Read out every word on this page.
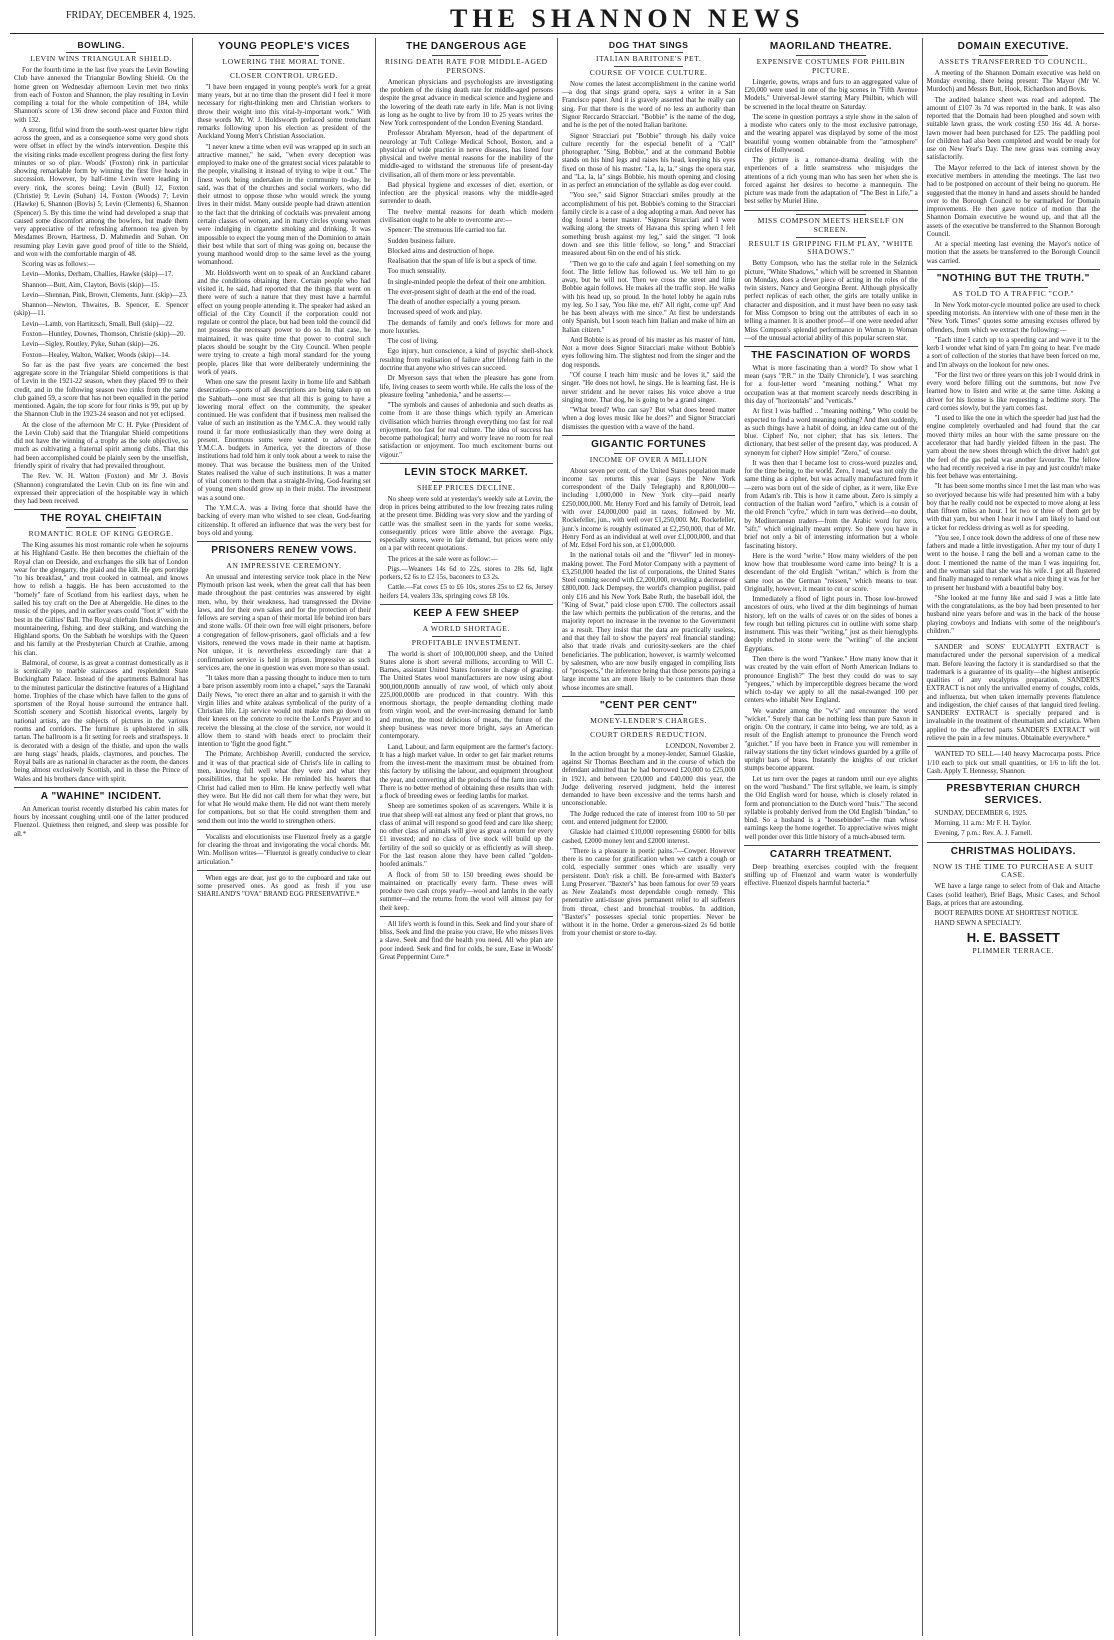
FRIDAY, DECEMBER 4, 1925.	THE SHANNON NEWS
BOWLING.
LEVIN WINS TRIANGULAR SHIELD.

For the fourth time in the last five years the Levin Bowling Club have annexed the Triangular Bowling Shield. On the home green on Wednesday afternoon Levin met two rinks from each of Foxton and Shannon, the play resulting in Levin compiling a total for the whole competition of 184, while Shannon's score of 136 drew second place and Foxton third with 132.

A strong, fitful wind from the south-west quarter blew right across the green, and as a consequence some very good shots were offset in effect by the wind's intervention. Despite this the visiting rinks made excellent progress during the first forty minutes or so of play. Woods' (Foxton) rink in particular showing remarkable form by winning the first five heads in succession. However, by half-time Levin were leading in every rink, the scores being: Levin (Bull) 12, Foxton (Christie) 9; Levin (Suhan) 14, Foxton (Woods) 7; Levin (Hawke) 6, Shannon (Bovis) 5; Levin (Clements) 6, Shannon (Spencer) 5. By this time the wind had developed a snap that caused some discomfort among the bowlers, but made them very appreciative of the refreshing afternoon tea given by Mesdames Brown, Hartness, D. Mahmedin and Suhan. On resuming play Levin gave good proof of title to the Shield, and won with the comfortable margin of 48.

Scoring was as follows:—

Levin—Monks, Derham, Challies, Hawke (skip)—17.

Shannon—Butt, Aim, Clayton, Bovis (skip)—15.

Levin—Shennan, Pink, Brown, Clements, Junr. (skip)—23.

Shannon—Newton, Thwaites, B. Spencer, E. Spencer (skip)—11.

Levin—Lamb, von Hartitzsch, Small, Bull (skip)—22.

Foxton—Huntley, Downes, Thomson, Christie (skip)—20.

Levin—Sigley, Routley, Pyke, Suhan (skip)—26.

Foxton—Healey, Walton, Walker, Woods (skip)—14.

So far as the past five years are concerned the best aggregate score in the Triangular Shield competitions is that of Levin in the 1921-22 season, when they placed 99 to their credit, and in the following season two rinks from the same club gained 59, a score that has not been equalled in the period mentioned. Again, the top score for four rinks is 99, put up by the Shannon Club in the 1923-24 season and not yet eclipsed.

At the close of the afternoon Mr C. H. Pyke (President of the Levin Club) said that the Triangular Shield competitions did not have the winning of a trophy as the sole objective, so much as cultivating a fraternal spirit among clubs. That this had been accomplished could be plainly seen by the unselfish, friendly spirit of rivalry that had prevailed throughout.

The Rev. W. H. Walton (Foxton) and Mr J. Bovis (Shannon) congratulated the Levin Club on its fine win and expressed their appreciation of the hospitable way in which they had been received.

THE ROYAL CHEIFTAIN
ROMANTIC ROLE OF KING GEORGE.

The King assumes his most romantic role when he sojourns at his Highland Castle. He then becomes the chieftain of the Royal clan on Deeside, and exchanges the silk hat of London wear for the glengarry, the plaid and the kilt. He gets porridge "to his breakfast," and trout cooked in oatmeal, and knows how to relish a haggis. He has been accustomed to the "homely" fare of Scotland from his earliest days, when he sailed his toy craft on the Dee at Abergeldie. He dines to the music of the pipes, and in earlier years could "foot it" with the best in the Gillies' Ball. The Royal chieftain finds diversion in mountaineering, fishing, and deer stalking, and watching the Highland sports. On the Sabbath he worships with the Queen and his family at the Presbyterian Church at Crathie, among his clan.

Balmoral, of course, is as great a contrast domestically as it is scenically to marble staircases and resplendent State Buckingham Palace. Instead of the apartments Balmoral has to the minutest particular the distinctive features of a Highland home. Trophies of the chase which have fallen to the guns of sportsmen of the Royal house surround the entrance hall. Scottish scenery and Scottish historical events, largely by national artists, are the subjects of pictures in the various rooms and corridors. The furniture is upholstered in silk tartan. The ballroom is a fit setting for reels and strathspeys. It is decorated with a design of the thistle, and upon the walls are hung stags' heads, plaids, claymores, and pouches. The Royal balls are as national in character as the room, the dances being almost exclusively Scottish, and in these the Prince of Wales and his brothers dance with spirit.

A "WAHINE" INCIDENT.

An American tourist recently disturbed his cabin mates for hours by incessant coughing until one of the latter produced Fluenzol. Quietness then reigned, and sleep was possible for all.*

YOUNG PEOPLE'S VICES
LOWERING THE MORAL TONE.
CLOSER CONTROL URGED.

"I have been engaged in young people's work for a great many years, but at no time than the present did I feel it more necessary for right-thinking men and Christian workers to throw their weight into this vital-ly-important work." With these words Mr. W. J. Holdsworth prefaced some trenchant remarks following upon his election as president of the Auckland Young Men's Christian Association.

"I never knew a time when evil was wrapped up in such an attractive manner," he said, "when every deception was employed to make one of the greatest social vices palatable to the people, vitalising it instead of trying to wipe it out." The finest work being undertaken in the community to-day, he said, was that of the churches and social workers, who did their utmost to oppose those who would wreck the young lives in their midst. Many outside people had drawn attention to the fact that the drinking of cocktails was prevalent among certain classes of women, and in many circles young women were indulging in cigarette smoking and drinking. It was impossible to expect the young men of the Dominion to attain their best while that sort of thing was going on, because the young manhood would drop to the same level as the young womanhood.

Mr. Holdsworth went on to speak of an Auckland cabaret and the conditions obtaining there. Certain people who had visited it, he said, had reported that the things that went on there were of such a nature that they must have a harmful effect on young people attending it. The speaker had asked an official of the City Council if the corporation could not regulate or control the place, but had been told the council did not possess the necessary power to do so. In that case, he maintained, it was quite time that power to control such places should be sought by the City Council. When people were trying to create a high moral standard for the young people, places like that were deliberately undermining the work of years.

When one saw the present laxity in home life and Sabbath desecration—sports of all descriptions are being taken up on the Sabbath—one must see that all this is going to have a lowering moral effect on the community, the speaker continued. He was confident that if business men realised the value of such an institution as the Y.M.C.A. they would rally round it far more enthusiastically than they were doing at present. Enormous sums were wanted to advance the Y.M.C.A. budgets in America, yet the directors of those institutions had told him it only took about a week to raise the money. That was because the business men of the United States realised the value of such institutions. It was a matter of vital concern to them that a straight-living, God-fearing set of young men should grow up in their midst. The investment was a sound one.

The Y.M.C.A. was a living force that should have the backing of every man who wished to see clean, God-fearing citizenship. It offered an influence that was the very best for boys old and young.

PRISONERS RENEW VOWS.
AN IMPRESSIVE CEREMONY.

An unusual and interesting service took place in the New Plymouth prison last week, when the great call that has been made throughout the past centuries was answered by eight men, who, by their weakness, had transgressed the Divine laws, and for their own sakes and for the protection of their fellows are serving a span of their mortal life behind iron bars and stone walls. Of their own free will eight prisoners, before a congregation of fellow-prisoners, gaol officials and a few visitors, renewed the vows made in their name at baptism. Not unique, it is nevertheless exceedingly rare that a confirmation service is held in prison. Impressive as such services are, the one in question was even more so than usual.

"It takes more than a passing thought to induce men to turn a bare prison assembly room into a chapel," says the Taranaki Daily News, "to erect there an altar and to garnish it with the virgin lilies and white azaleas symbolical of the purity of a Christian life. Lip service would not make men go down on their knees on the concrete to recite the Lord's Prayer and to receive the blessing at the close of the service, nor would it allow them to stand with heads erect to proclaim their intention to 'fight the good fight.'"

The Primate, Archbishop Averill, conducted the service, and it was of that practical side of Christ's life in calling to men, knowing full well what they were and what they possibilities, that he spoke. He reminded his hearers that Christ had called men to Him. He knew perfectly well what they were. But He did not call them for what they were, but for what He would make them. He did not want them merely for companions, but so that He could strengthen them and send them out into the world to strengthen others.

Vocalists and elocutionists use Fluenzol freely as a gargle for clearing the throat and invigorating the vocal chords. Mr. Wm. Mollison writes—"Fluenzol is greatly conducive to clear articulation."

When eggs are dear, just go to the cupboard and take out some preserved ones. As good as fresh if you use SHARLAND'S "OVA" BRAND EGG PRESERVATIVE.*

THE DANGEROUS AGE
RISING DEATH RATE FOR MIDDLE-AGED PERSONS.

American physicians and psychologists are investigating the problem of the rising death rate for middle-aged persons despite the great advance in medical science and hygiene and the lowering of the death rate early in life. Man is not living as long as he ought to live by from 10 to 25 years writes the New York correspondent of the London Evening Standard.

Professor Abraham Myerson, head of the department of neurology at Tuft College Medical School, Boston, and a physician of wide practice in nerve diseases, has listed four physical and twelve mental reasons for the inability of the middle-aged to withstand the strenuous life of present-day civilisation, all of them more or less preventable.

Bad physical hygiene and excesses of diet, exertion, or infection are the physical reasons why the middle-aged surrender to death.

The twelve mental reasons for death which modern civilisation ought to be able to overcome are:—

Spencer: The strenuous life carried too far.

Sudden business failure.

Blocked aims and destruction of hope.

Realisation that the span of life is but a speck of time.

Too much sensuality.

In single-minded people the defeat of their one ambition.

The ever-present sight of death at the end of the road.

The death of another especially a young person.

Increased speed of work and play.

The demands of family and one's fellows for more and more luxuries.

The cost of living.

Ego injury, hurt conscience, a kind of psychic shell-shock resulting from realisation of failure after lifelong faith in the doctrine that anyone who strives can succeed.

Dr Myerson says that when the pleasure has gone from life, living ceases to seem worth while. He calls the loss of the pleasure feeling "anhedonia," and he asserts:—

"The symbols and causes of anhedonia and such deaths as come from it are those things which typify an American civilisation which hurries through everything too fast for real enjoyment, too fast for real culture. The idea of success has become pathological; hurry and worry leave no room for real satisfaction or enjoyment. Too much excitement burns out vigour."

LEVIN STOCK MARKET.
SHEEP PRICES DECLINE.

No sheep were sold at yesterday's weekly sale at Levin, the drop in prices being attributed to the low freezing rates ruling at the present time. Bidding was very slow and the yarding of cattle was the smallest seen in the yards for some weeks, consequently prices were little above the average. Pigs, especially stores, were in fair demand, but prices were only on a par with recent quotations.

The prices at the sale were as follow:—

Pigs.—Weaners 14s 6d to 22s, stores to 28s 6d, light porkers, £2 6s to £2 15s, baconers to £3 2s.

Cattle.—Fat cows £5 to £6 10s, stores 25s to £2 6s, Jersey heifers £4, vealers 33s, springing cows £8 10s.

KEEP A FEW SHEEP
A WORLD SHORTAGE.
PROFITABLE INVESTMENT.

The world is short of 100,000,000 sheep, and the United States alone is short several millions, according to Will C. Barnes, assistant United States forester in charge of grazing. The United States wool manufacturers are now using about 900,000,000lb annually of raw wool, of which only about 225,000,000lb are produced in that country. With this enormous shortage, the people demanding clothing made from virgin wool, and the ever-increasing demand for lamb and mutton, the most delicious of meats, the future of the sheep business was never more bright, says an American contemporary.

Land, Labour, and farm equipment are the farmer's factory. It has a high market value. In order to get fair market returns from the invest-ment the maximum must be obtained from this factory by utilising the labour, and equipment throughout the year, and converting all the products of the farm into cash. There is no better method of obtaining these results than with a flock of breeding ewes or feeding lambs for market.

Sheep are sometimes spoken of as scavengers. While it is true that sheep will eat almost any feed or plant that grows, no class of animal will respond so good feed and care like sheep; no other class of animals will give as great a return for every £1 invested; and no class of live stock will build up the fertility of the soil so quickly or as efficiently as will sheep. For the last reason alone they have been called "golden-hoofed animals."

A flock of from 50 to 150 breeding ewes should be maintained on practically every farm. These ewes will produce two cash crops yearly—wool and lambs in the early summer—and the returns from the wool will almost pay for their keep.

All life's worth is found in this. Seek and find your share of bliss, Seek and find the praise you crave, He who misses lives a slave. Seek and find the health you need, All who plan are poor indeed. Seek and find for colds, be sure, Ease in Woods' Great Peppermint Cure.*

DOG THAT SINGS
ITALIAN BARITONE'S PET.
COURSE OF VOICE CULTURE.

Now comes the latest accomplishment in the canine world—a dog that sings grand opera, says a writer in a San Francisco paper. And it is gravely asserted that he really can sing. For that there is the word of no less an authority than Signor Reccardo Stracciari. "Bobbie" is the name of the dog, and he is the pet of the noted Italian baritone.

Signor Stracciari put "Bobbie" through his daily voice culture recently for the especial benefit of a "Call" photographer. "Sing, Bobbie," and at the command Bobbie stands on his hind legs and raises his head, keeping his eyes fixed on those of his master. "La, la, la," sings the opera star, and "La, la, la" sings Bobbie, his mouth opening and closing in as perfect an enunciation of the syllable as dog ever could.

"You see," said Signor Stracciari smiles proudly at the accomplishment of his pet. Bobbie's coming to the Stracciari family circle is a case of a dog adopting a man. And never has dog found a better master. "Signora Stracciari and I were walking along the streets of Havana this spring when I felt something brush against my leg," said the singer. "I look down and see this little fellow, so long," and Stracciari measured about 6in on the end of his stick.

"Then we go to the cafe and again I feel something on my foot. The little fellow has followed us. We tell him to go away, but he will not. Then we cross the street and little Bobbie again follows. He makes all the traffic stop. He walks with his head up, so proud. In the hotel lobby he again rubs my leg. So I say, 'You like me, eh?' All right, come up!' And he has been always with me since." At first he understands only Spanish, but I soon teach him Italian and make of him an Italian citizen."

And Bobbie is as proud of his master as his master of him. Not a move does Signor Stracciari make without Bobbie's eyes following him. The slightest nod from the singer and the dog responds.

"Of course I teach him music and he loves it," said the singer. "He does not howl, he sings. He is learning fast. He is never strident and he never raises his voice above a true singing note. That dog, he is going to be a grand singer.

"What breed? Who can say? But what does breed matter when a dog loves music like he does?" and Signor Stracciari dismisses the question with a wave of the hand.

GIGANTIC FORTUNES
INCOME OF OVER A MILLION

About seven per cent. of the United States population made income tax returns this year (says the New York correspondent of the Daily Telegraph) and 8,800,000—including 1,000,000 in New York city—paid nearly £250,000,000. Mr. Henry Ford and his family of Detroit, lead with over £4,000,000 paid in taxes, followed by Mr. Rockefeller, jun., with well over £1,250,000. Mr. Rockefeller, junr.'s income is roughly estimated at £2,250,000, that of Mr. Henry Ford as an individual at well over £1,000,000, and that of Mr. Edsel Ford his son, at £1,000,000.

In the national totals oil and the "flivver" led in money-making power. The Ford Motor Company with a payment of £3,250,000 headed the list of corporations, the United States Steel coming second with £2,200,000, revealing a decrease of £800,000. Jack Dempsey, the world's champion pugilist, paid only £16 and his New York Babe Ruth, the baseball idol, the "King of Swat," paid close upon £700. The collectors assail the law which permits the publication of the returns, and the majority report no increase in the revenue to the Government as a result. They insist that the data are practically useless, and that they fail to show the payers' real financial standing; also that trade rivals and curiosity-seekers are the chief beneficiaries. The publication, however, is warmly welcomed by salesmen, who are now busily engaged in compiling lists of "prospects," the inference being that those persons paying a large income tax are more likely to be customers than those whose incomes are small.

"CENT PER CENT"
MONEY-LENDER'S CHARGES.
COURT ORDERS REDUCTION.
LONDON, November 2.

In the action brought by a money-lender, Samuel Glaskie, against Sir Thomas Beecham and in the course of which the defendant admitted that he had borrowed £20,000 to £25,000 in 1921, and between £20,000 and £40,000 this year, the Judge delivering reserved judgment, held the interest demanded to have been excessive and the terms harsh and unconscionable.

The Judge reduced the rate of interest from 100 to 50 per cent. and entered judgment for £2000.

Glaskie had claimed £10,000 representing £6000 for bills cashed, £2000 money lent and £2000 interest.

"There is a pleasure in poetic pains."—Cowper. However there is no cause for gratification when we catch a cough or cold, especially summer ones which are usually very persistent. Don't risk a chill. Be fore-armed with Baxter's Lung Preserver. "Baxter's" has been famous for over 59 years as New Zealand's most dependable cough remedy. This penetrative anti-tissue gives permanent relief to all sufferers from throat, chest and bronchial troubles. In addition, "Baxter's" possesses special tonic properties. Never be without it in the home. Order a generous-sized 2s 6d bottle from your chemist or store to-day.

MAORILAND THEATRE.
EXPENSIVE COSTUMES FOR PHILBIN PICTURE.

Lingerie, gowns, wraps and furs to an aggregated value of £20,000 were used in one of the big scenes in "Fifth Avenue Models," Universal-Jewel starring Mary Philbin, which will be screened in the local theatre on Saturday.

The scene in question portrays a style show in the salon of a modiste who caters only to the most exclusive patronage, and the wearing apparel was displayed by some of the most beautiful young women obtainable from the "atmosphere" circles of Hollywood.

The picture is a romance-drama dealing with the experiences of a little seamstress who misjudges the attentions of a rich young man who has seen her when she is forced against her desires to become a mannequin. The picture was made from the adaptation of "The Best in Life," a best seller by Muriel Hine.

MISS COMPSON MEETS HERSELF ON SCREEN.
RESULT IS GRIPPING FILM PLAY, "WHITE SHADOWS."

Betty Compson, who has the stellar role in the Selznick picture, "White Shadows," which will be screened in Shannon on Monday, does a clever piece of acting in the roles of the twin sisters, Nancy and Georgina Brent. Although physically perfect replicas of each other, the girls are totally unlike in character and disposition, and it must have been no easy task for Miss Compson to bring out the attributes of each in so telling a manner. It is another proof—if one were needed after Miss Compson's splendid performance in Woman to Woman—of the unusual actorial ability of this popular screen star.

THE FASCINATION OF WORDS

What is more fascinating than a word? To show what I mean (says "P.R." in the 'Daily Chronicle'), I was searching for a four-letter word "meaning nothing." What my occupation was at that moment scarcely needs describing in this day of "horizontals" and "verticals."

At first I was baffled .. "meaning nothing." Who could be expected to find a word meaning nothing? And then suddenly, as such things have a habit of doing, an idea came out of the blue. Cipher! No, not cipher; that has six letters. The dictionary, that best seller of the present day, was produced. A synonym for cipher? How simple! "Zero," of course.

It was then that I became lost to cross-word puzzles and, for the time being, to the world. Zero, I read, was not only the same thing as a cipher, but was actually manufactured from it—zero was born out of the side of cipher, as it were, like Eve from Adam's rib. This is how it came about. Zero is simply a contraction of the Italian word "zefiro," which is a cousin of the old French "cyfre," which in turn was derived—no doubt, by Mediterranean traders—from the Arabic word for zero, "sifr," which originally meant empty. So there you have in brief not only a bit of interesting information but a whole fascinating history.

Here is the word "write." How many wielders of the pen know how that troublesome word came into being? It is a descendant of the old English "writan," which is from the same root as the German "reissen," which means to tear. Originally, however, it meant to cut or score.

Immediately a flood of light pours in. Those low-browed ancestors of ours, who lived at the dim beginnings of human history, left on the walls of caves or on the sides of bones a few rough but telling pictures cut in outline with some sharp instrument. This was their "writing," just as their hieroglyphs deeply etched in stone were the "writing" of the ancient Egyptians.

Then there is the word "Yankee." How many know that it was created by the vain effort of North American Indians to pronounce English?" The best they could do was to say "yengees," which by imperceptible degrees became the word which to-day we apply to all the nasal-twanged 100 per centers who inhabit New England.

We wander among the "w's" and encounter the word "wicket." Surely that can be nothing less than pure Saxon in origin. On the contrary, it came into being, we are told, as a result of the English attempt to pronounce the French word "guichet." If you have been in France you will remember in railway stations the tiny ticket windows guarded by a grille of upright bars of brass. Instantly the knights of our cricket stumps become apparent.

Let us turn over the pages at random until our eye alights on the word "husband." The first syllable, we learn, is simply the Old English word for house, which is closely related in form and pronunciation to the Dutch word "huis." The second syllable is probably derived from the Old English "bindan," to bind. So a husband is a "housebinder"—the man whose earnings keep the home together. To appreciative wives might well ponder over this little history of a much-abused term.

CATARRH TREATMENT.

Deep breathing exercises coupled with the frequent sniffing up of Fluenzol and warm water is wonderfully effective. Fluenzol dispels harmful bacteria.*

DOMAIN EXECUTIVE.
ASSETS TRANSFERRED TO COUNCIL.

A meeting of the Shannon Domain executive was held on Monday evening, there being present: The Mayor (Mr W. Murdoch) and Messrs Butt, Hook, Richardson and Bovis.

The audited balance sheet was read and adopted. The amount of £107 3s 7d was reported in the bank. It was also reported that the Domain had been ploughed and sown with suitable lawn grass, the work costing £50 16s 4d. A horse-lawn mower had been purchased for £25. The paddling pool for children had also been completed and would be ready for use on New Year's Day. The new grass was coming away satisfactorily.

The Mayor referred to the lack of interest shown by the executive members in attending the meetings. The last two had to be postponed on account of their being no quorum. He suggested that the money in hand and assets should be handed over to the Borough Council to be earmarked for Domain improvements. He then gave notice of motion that the Shannon Domain executive be wound up, and that all the assets of the executive be transferred to the Shannon Borough Council.

At a special meeting last evening the Mayor's notice of motion that the assets be transferred to the Borough Council was carried.

"NOTHING BUT THE TRUTH."
AS TOLD TO A TRAFFIC "COP."

In New York motor-cycle mounted police are used to check speeding motorists. An interview with one of these men in the "New York Times" quotes some amusing excuses offered by offenders, from which we extract the following:—

"Each time I catch up to a speeding car and wave it to the kerb I wonder what kind of yarn I'm going to hear. I've made a sort of collection of the stories that have been forced on me, and I'm always on the lookout for new ones.

"For the first two or three years on this job I would drink in every word before filling out the summons, but now I've learned how to listen and write at the same time. Asking a driver for his license is like requesting a bedtime story. The card comes slowly, but the yarn comes fast.

"I used to like the one in which the speeder had just had the engine completely overhauled and had found that the car moved thirty miles an hour with the same pressure on the accelerator that had hardly yielded fifteen in the past. The yarn about the new shoes through which the driver hadn't got the feel of the gas pedal was another favourite. The fellow who had recently received a rise in pay and just couldn't make his feet behave was entertaining.

"It has been some months since I met the last man who was so overjoyed because his wife had presented him with a baby boy that he really could not be expected to move along at less than fifteen miles an hour. I let two or three of them get by with that yarn, but when I hear it now I am likely to hand out a ticket for reckless driving as well as for speeding.

"You see, I once took down the address of one of these new fathers and made a little investigation. After my tour of duty I went to the house. I rang the bell and a woman came to the door. I mentioned the name of the man I was inquiring for, and the woman said that she was his wife. I got all flustered and finally managed to remark what a nice thing it was for her to present her husband with a beautiful baby boy.

"She looked at me funny like and said I was a little late with the congratulations, as the boy had been presented to her husband nine years before and was in the back of the house playing cowboys and Indians with some of the neighbour's children."

SANDER and SONS' EUCALYPTI EXTRACT is manufactured under the personal supervision of a medical man. Before leaving the factory it is standardised so that the trademark is a guarantee of its quality—the highest antiseptic qualities of any eucalyptus preparation. SANDER'S EXTRACT is not only the unrivalled enemy of coughs, colds, and influenza, but when taken internally prevents flatulence and indigestion, the chief causes of that languid tired feeling. SANDERS' EXTRACT is specially prepared and is invaluable in the treatment of rheumatism and sciatica. When applied to the affected parts SANDER'S EXTRACT will relieve the pain in a few minutes. Obtainable everywhere.*

WANTED TO SELL—140 heavy Macrocarpa posts. Price 1/10 each to pick out small quantities, or 1/6 to lift the lot. Cash. Apply T. Hennessy, Shannon.

PRESBYTERIAN CHURCH SERVICES.

SUNDAY, DECEMBER 6, 1925.

Morning, 11 a.m.: Mr F. H. Taylor.

Evening, 7 p.m.: Rev. A. J. Farnell.

CHRISTMAS HOLIDAYS.
NOW IS THE TIME TO PURCHASE A SUIT CASE.

WE have a large range to select from of Oak and Attache Cases (solid leather), Brief Bags, Music Cases, and School Bags, at prices that are astounding.

BOOT REPAIRS DONE AT SHORTEST NOTICE.

HAND SEWN A SPECIALTY.

H. E. BASSETT
PLIMMER TERRACE.
